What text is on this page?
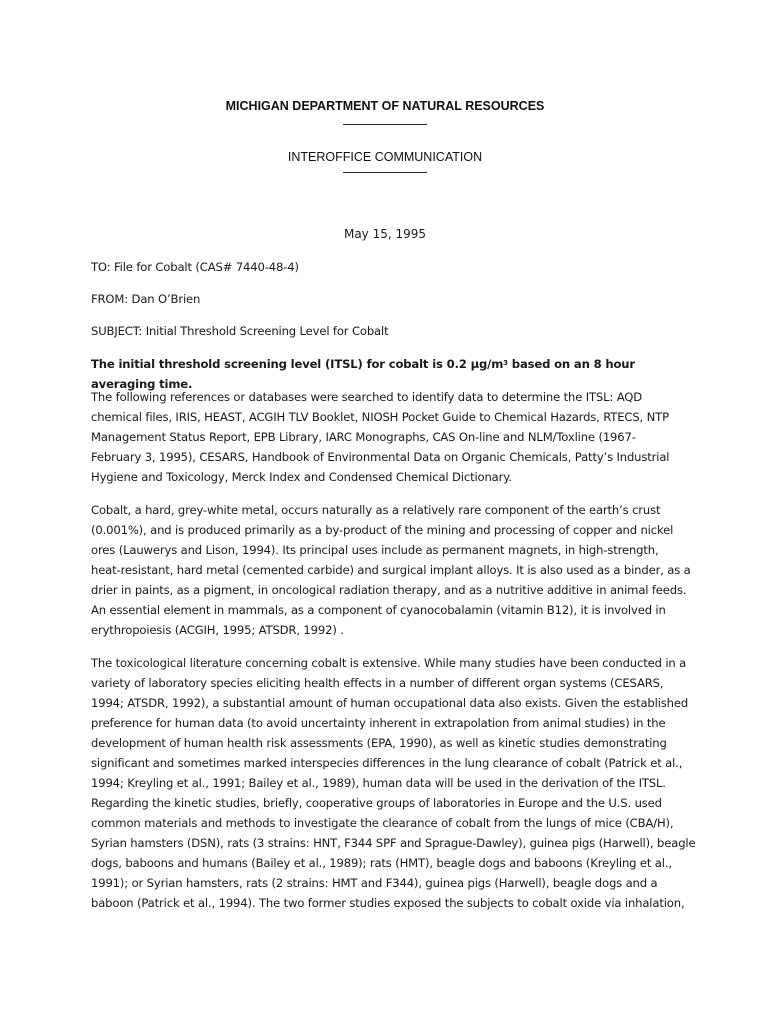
MICHIGAN DEPARTMENT OF NATURAL RESOURCES
INTEROFFICE COMMUNICATION
May 15, 1995
TO: File for Cobalt (CAS# 7440-48-4)
FROM: Dan O’Brien
SUBJECT: Initial Threshold Screening Level for Cobalt
The initial threshold screening level (ITSL) for cobalt is 0.2 $\mu g/m^3$ based on an 8 hour averaging time.
The following references or databases were searched to identify data to determine the ITSL: AQD
chemical files, IRIS, HEAST, ACGIH TLV Booklet, NIOSH Pocket Guide to Chemical Hazards, RTECS, NTP
Management Status Report, EPB Library, IARC Monographs, CAS On-line and NLM/Toxline (1967-
February 3, 1995), CESARS, Handbook of Environmental Data on Organic Chemicals, Patty’s Industrial
Hygiene and Toxicology, Merck Index and Condensed Chemical Dictionary.
Cobalt, a hard, grey-white metal, occurs naturally as a relatively rare component of the earth’s crust
(0.001%), and is produced primarily as a by-product of the mining and processing of copper and nickel
ores (Lauwerys and Lison, 1994). Its principal uses include as permanent magnets, in high-strength,
heat-resistant, hard metal (cemented carbide) and surgical implant alloys. It is also used as a binder, as a
drier in paints, as a pigment, in oncological radiation therapy, and as a nutritive additive in animal feeds.
An essential element in mammals, as a component of cyanocobalamin (vitamin B12), it is involved in
erythropoiesis (ACGIH, 1995; ATSDR, 1992) .
The toxicological literature concerning cobalt is extensive. While many studies have been conducted in a
variety of laboratory species eliciting health effects in a number of different organ systems (CESARS,
1994; ATSDR, 1992), a substantial amount of human occupational data also exists. Given the established
preference for human data (to avoid uncertainty inherent in extrapolation from animal studies) in the
development of human health risk assessments (EPA, 1990), as well as kinetic studies demonstrating
significant and sometimes marked interspecies differences in the lung clearance of cobalt (Patrick et al.,
1994; Kreyling et al., 1991; Bailey et al., 1989), human data will be used in the derivation of the ITSL.
Regarding the kinetic studies, briefly, cooperative groups of laboratories in Europe and the U.S. used
common materials and methods to investigate the clearance of cobalt from the lungs of mice (CBA/H),
Syrian hamsters (DSN), rats (3 strains: HNT, F344 SPF and Sprague-Dawley), guinea pigs (Harwell), beagle
dogs, baboons and humans (Bailey et al., 1989); rats (HMT), beagle dogs and baboons (Kreyling et al.,
1991); or Syrian hamsters, rats (2 strains: HMT and F344), guinea pigs (Harwell), beagle dogs and a
baboon (Patrick et al., 1994). The two former studies exposed the subjects to cobalt oxide via inhalation,
